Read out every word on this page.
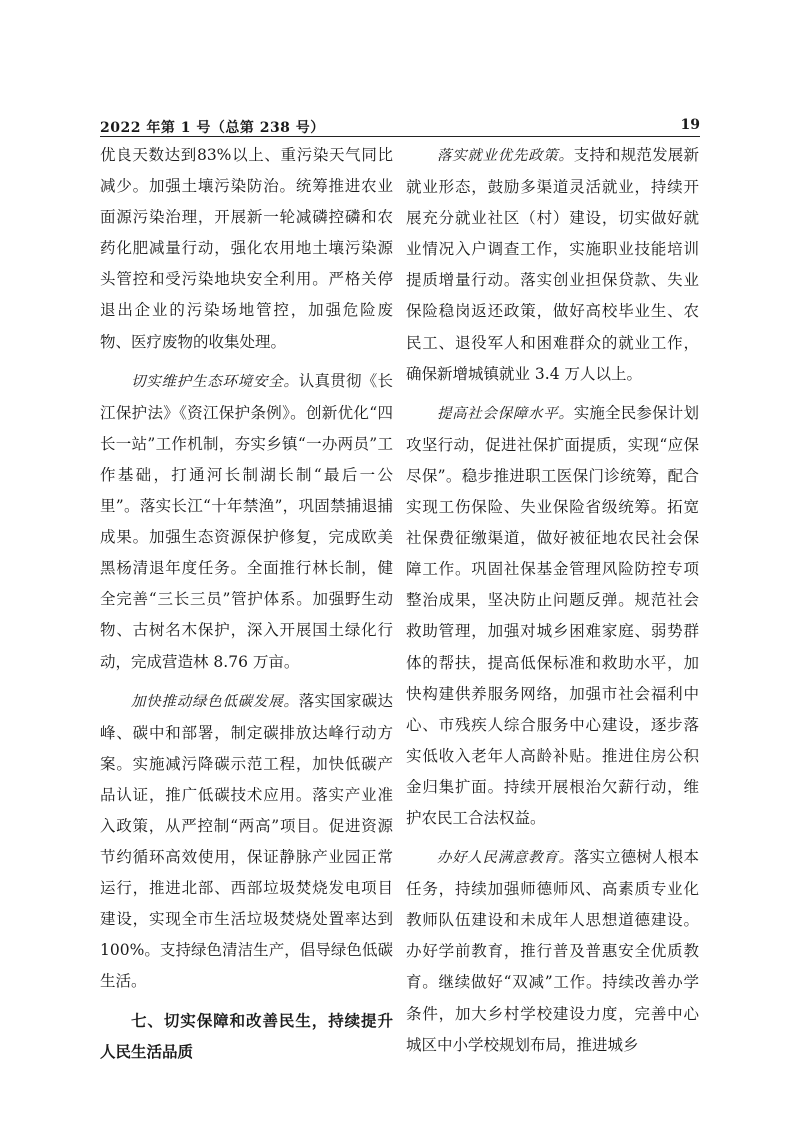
2022 年第 1 号（总第 238 号）	19

优良天数达到83%以上、重污染天气同比减少。加强土壤污染防治。统筹推进农业面源污染治理，开展新一轮减磷控磷和农药化肥减量行动，强化农用地土壤污染源头管控和受污染地块安全利用。严格关停退出企业的污染场地管控，加强危险废物、医疗废物的收集处理。

切实维护生态环境安全。认真贯彻《长江保护法》《资江保护条例》。创新优化“四长一站”工作机制，夯实乡镇“一办两员”工作基础，打通河长制湖长制“最后一公里”。落实长江“十年禁渔”，巩固禁捕退捕成果。加强生态资源保护修复，完成欧美黑杨清退年度任务。全面推行林长制，健全完善“三长三员”管护体系。加强野生动物、古树名木保护，深入开展国土绿化行动，完成营造林 8.76 万亩。

加快推动绿色低碳发展。落实国家碳达峰、碳中和部署，制定碳排放达峰行动方案。实施减污降碳示范工程，加快低碳产品认证，推广低碳技术应用。落实产业准入政策，从严控制“两高”项目。促进资源节约循环高效使用，保证静脉产业园正常运行，推进北部、西部垃圾焚烧发电项目建设，实现全市生活垃圾焚烧处置率达到 100%。支持绿色清洁生产，倡导绿色低碳生活。

七、切实保障和改善民生，持续提升人民生活品质

落实就业优先政策。支持和规范发展新就业形态，鼓励多渠道灵活就业，持续开展充分就业社区（村）建设，切实做好就业情况入户调查工作，实施职业技能培训提质增量行动。落实创业担保贷款、失业保险稳岗返还政策，做好高校毕业生、农民工、退役军人和困难群众的就业工作，确保新增城镇就业 3.4 万人以上。

提高社会保障水平。实施全民参保计划攻坚行动，促进社保扩面提质，实现“应保尽保”。稳步推进职工医保门诊统筹，配合实现工伤保险、失业保险省级统筹。拓宽社保费征缴渠道，做好被征地农民社会保障工作。巩固社保基金管理风险防控专项整治成果，坚决防止问题反弹。规范社会救助管理，加强对城乡困难家庭、弱势群体的帮扶，提高低保标准和救助水平，加快构建供养服务网络，加强市社会福利中心、市残疾人综合服务中心建设，逐步落实低收入老年人高龄补贴。推进住房公积金归集扩面。持续开展根治欠薪行动，维护农民工合法权益。

办好人民满意教育。落实立德树人根本任务，持续加强师德师风、高素质专业化教师队伍建设和未成年人思想道德建设。办好学前教育，推行普及普惠安全优质教育。继续做好“双减”工作。持续改善办学条件，加大乡村学校建设力度，完善中心城区中小学校规划布局，推进城乡
